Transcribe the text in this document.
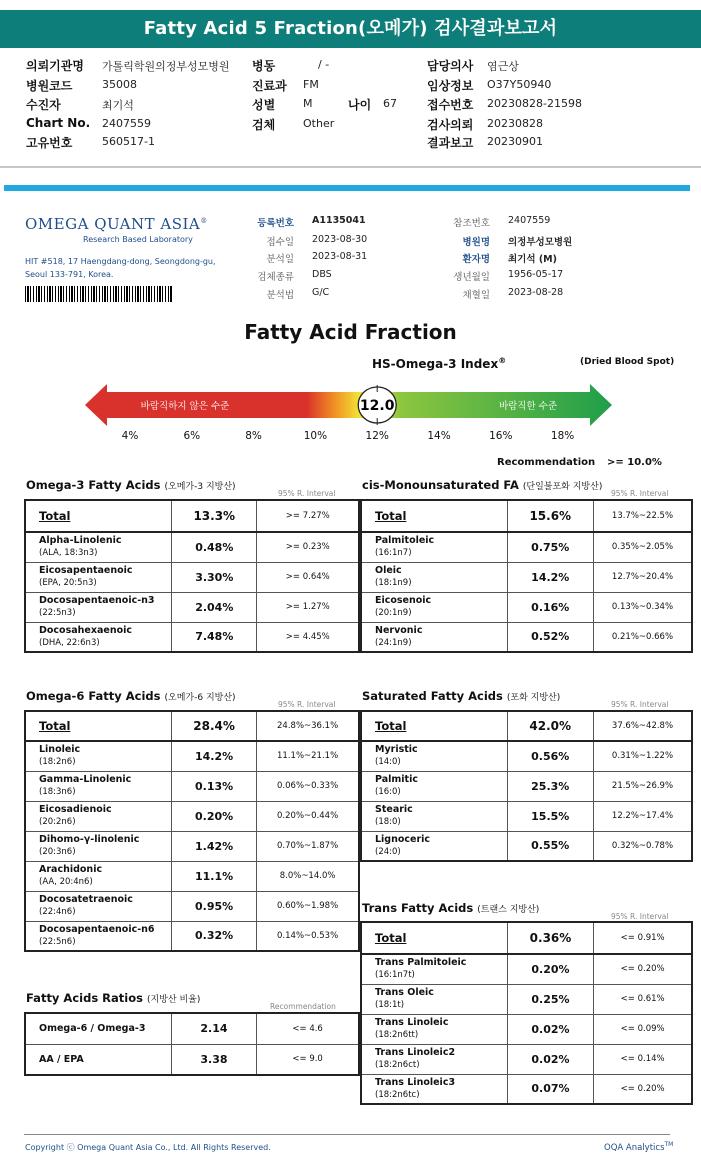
Fatty Acid 5 Fraction(오메가) 검사결과보고서
의뢰기관명 가톨릭학원의정부성모병원
병원코드	35008
수진자	최기석
Chart No. 2407559
고유번호	560517-1
병동	/ -
진료과 FM
성별	M
검체	Other
나이 67
담당의사 염근상
임상정보 O37Y50940
접수번호 20230828-21598
검사의뢰 20230828
결과보고 20230901
OMEGA QUANT ASIA®
Research Based Laboratory
HIT #518, 17 Haengdang-dong, Seongdong-gu,
Seoul 133-791, Korea.
등록번호 A1135041
접수일 2023-08-30
분석일 2023-08-31
검체종류 DBS
분석법 G/C
참조번호 2407559
병원명 의정부성모병원
환자명 최기석 (M)
생년월일 1956-05-17
채혈일 2023-08-28
Fatty Acid Fraction
HS-Omega-3 Index®	(Dried Blood Spot)
바람직하지 않은 수준	바람직한 수준
12.0
4%	6%	8%	10%	12%	14%	16%	18%
Recommendation >= 10.0%
Omega-3 Fatty Acids (오메가-3 지방산)
95% R. Interval
Total	13.3%	>= 7.27%

Alpha-Linolenic
(ALA, 18:3n3)	0.48%	>= 0.23%

Eicosapentaenoic
(EPA, 20:5n3)	3.30%	>= 0.64%

Docosapentaenoic-n3
(22:5n3)	2.04%	>= 1.27%

Docosahexaenoic
(DHA, 22:6n3)	7.48%	>= 4.45%
cis-Monounsaturated FA (단일불포화 지방산)
95% R. Interval
Total	15.6%	13.7%~22.5%

Palmitoleic
(16:1n7)	0.75%	0.35%~2.05%

Oleic
(18:1n9)	14.2%	12.7%~20.4%

Eicosenoic
(20:1n9)	0.16%	0.13%~0.34%

Nervonic
(24:1n9)	0.52%	0.21%~0.66%
Omega-6 Fatty Acids (오메가-6 지방산)
95% R. Interval
Total	28.4%	24.8%~36.1%

Linoleic
(18:2n6)	14.2%	11.1%~21.1%

Gamma-Linolenic
(18:3n6)	0.13%	0.06%~0.33%

Eicosadienoic
(20:2n6)	0.20%	0.20%~0.44%

Dihomo-γ-linolenic
(20:3n6)	1.42%	0.70%~1.87%

Arachidonic
(AA, 20:4n6)	11.1%	8.0%~14.0%

Docosatetraenoic
(22:4n6)	0.95%	0.60%~1.98%

Docosapentaenoic-n6
(22:5n6)	0.32%	0.14%~0.53%
Saturated Fatty Acids (포화 지방산)
95% R. Interval
Total	42.0%	37.6%~42.8%

Myristic
(14:0)	0.56%	0.31%~1.22%

Palmitic
(16:0)	25.3%	21.5%~26.9%

Stearic
(18:0)	15.5%	12.2%~17.4%

Lignoceric
(24:0)	0.55%	0.32%~0.78%
Trans Fatty Acids (트랜스 지방산)
95% R. Interval
Total	0.36%	<= 0.91%

Trans Palmitoleic
(16:1n7t)	0.20%	<= 0.20%

Trans Oleic
(18:1t)	0.25%	<= 0.61%

Trans Linoleic
(18:2n6tt)	0.02%	<= 0.09%

Trans Linoleic2
(18:2n6ct)	0.02%	<= 0.14%

Trans Linoleic3
(18:2n6tc)	0.07%	<= 0.20%
Fatty Acids Ratios (지방산 비율)
Recommendation
Omega-6 / Omega-3	2.14	<= 4.6

AA / EPA	3.38	<= 9.0
Copyright ⓒ Omega Quant Asia Co., Ltd. All Rights Reserved.	OQA Analytics™
